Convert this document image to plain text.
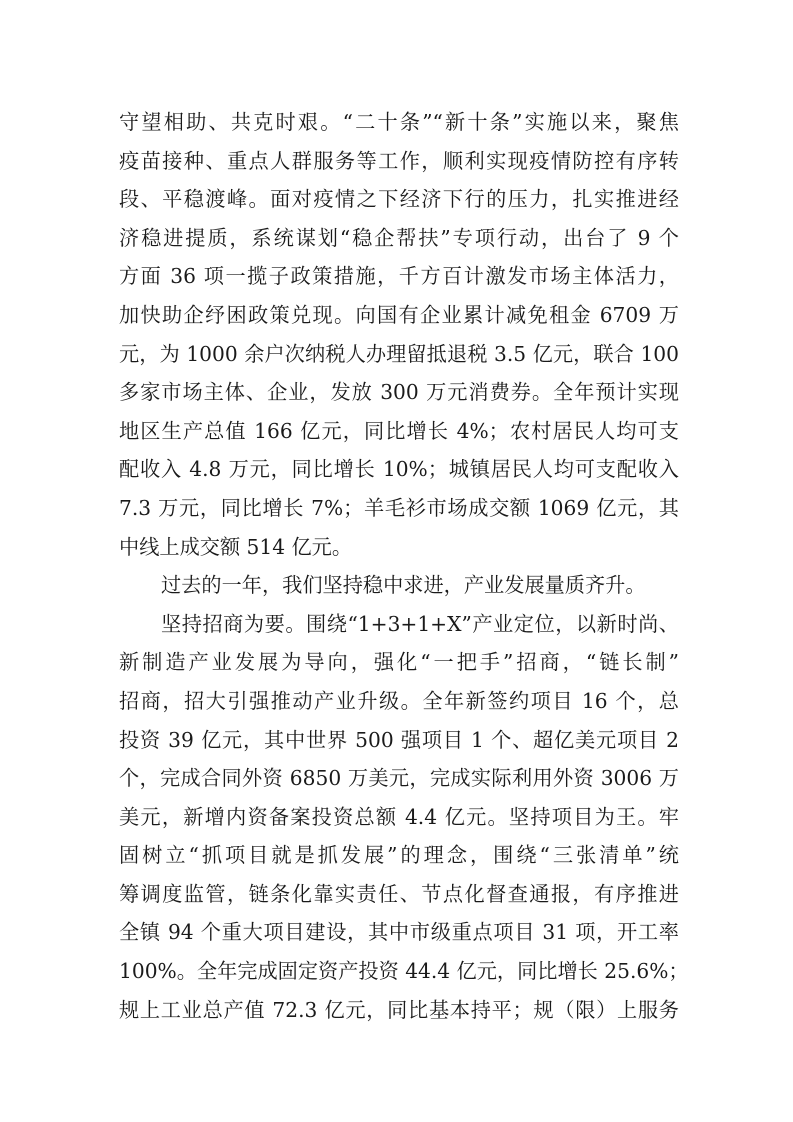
守望相助、共克时艰。“二十条”“新十条”实施以来，聚焦
疫苗接种、重点人群服务等工作，顺利实现疫情防控有序转
段、平稳渡峰。面对疫情之下经济下行的压力，扎实推进经
济稳进提质，系统谋划“稳企帮扶”专项行动，出台了 9 个
方面 36 项一揽子政策措施，千方百计激发市场主体活力，
加快助企纾困政策兑现。向国有企业累计减免租金 6709 万
元，为 1000 余户次纳税人办理留抵退税 3.5 亿元，联合 100
多家市场主体、企业，发放 300 万元消费券。全年预计实现
地区生产总值 166 亿元，同比增长 4%；农村居民人均可支
配收入 4.8 万元，同比增长 10%；城镇居民人均可支配收入
7.3 万元，同比增长 7%；羊毛衫市场成交额 1069 亿元，其
中线上成交额 514 亿元。
过去的一年，我们坚持稳中求进，产业发展量质齐升。
坚持招商为要。围绕“1+3+1+X”产业定位，以新时尚、
新制造产业发展为导向，强化“一把手”招商，“链长制”
招商，招大引强推动产业升级。全年新签约项目 16 个，总
投资 39 亿元，其中世界 500 强项目 1 个、超亿美元项目 2
个，完成合同外资 6850 万美元，完成实际利用外资 3006 万
美元，新增内资备案投资总额 4.4 亿元。坚持项目为王。牢
固树立“抓项目就是抓发展”的理念，围绕“三张清单”统
筹调度监管，链条化靠实责任、节点化督查通报，有序推进
全镇 94 个重大项目建设，其中市级重点项目 31 项，开工率
100%。全年完成固定资产投资 44.4 亿元，同比增长 25.6%；
规上工业总产值 72.3 亿元，同比基本持平；规（限）上服务
